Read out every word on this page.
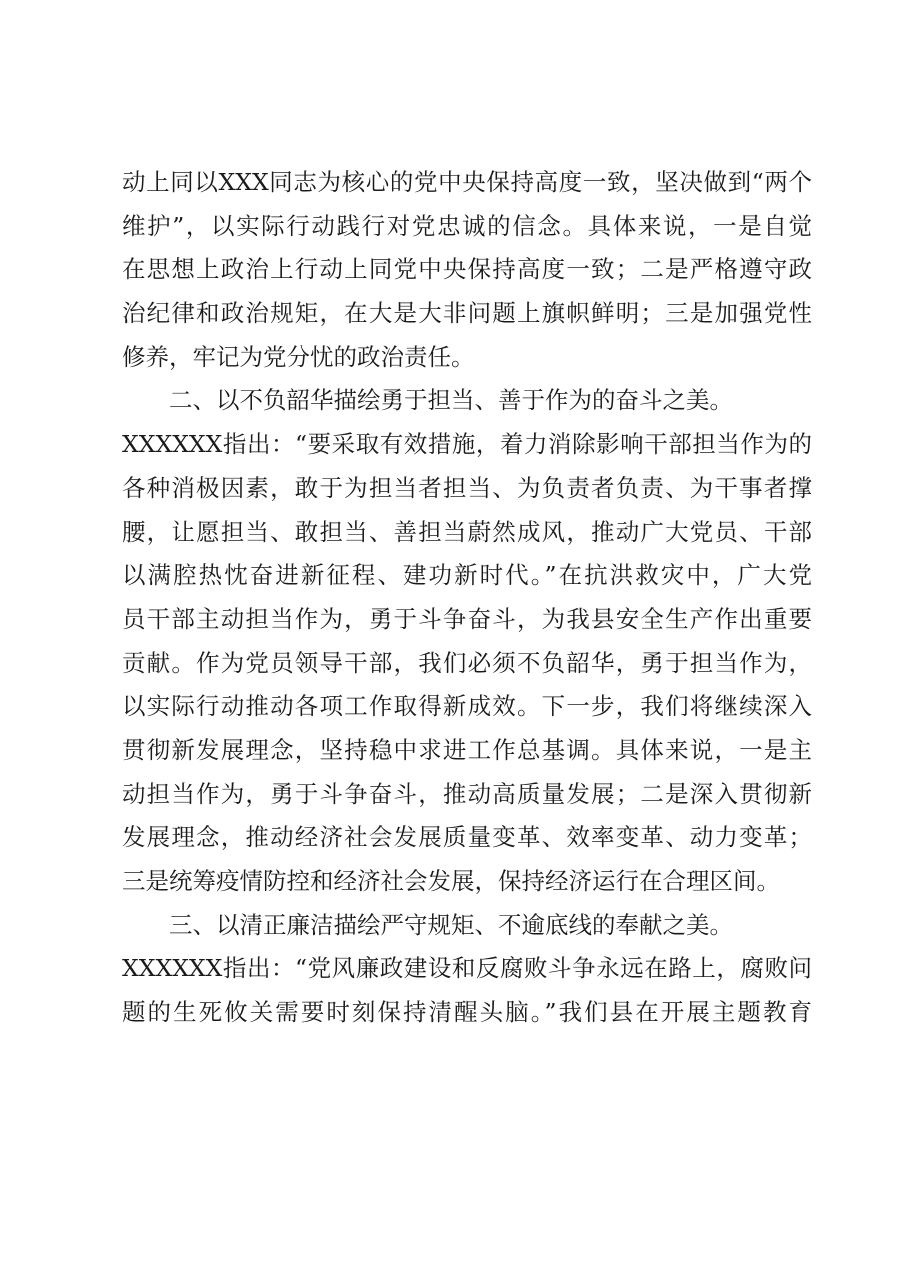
动上同以XXX同志为核心的党中央保持高度一致，坚决做到“两个
维护”，以实际行动践行对党忠诚的信念。具体来说，一是自觉
在思想上政治上行动上同党中央保持高度一致；二是严格遵守政
治纪律和政治规矩，在大是大非问题上旗帜鲜明；三是加强党性
修养，牢记为党分忧的政治责任。
二、以不负韶华描绘勇于担当、善于作为的奋斗之美。
XXXXXX指出：“要采取有效措施，着力消除影响干部担当作为的
各种消极因素，敢于为担当者担当、为负责者负责、为干事者撑
腰，让愿担当、敢担当、善担当蔚然成风，推动广大党员、干部
以满腔热忱奋进新征程、建功新时代。”在抗洪救灾中，广大党
员干部主动担当作为，勇于斗争奋斗，为我县安全生产作出重要
贡献。作为党员领导干部，我们必须不负韶华，勇于担当作为，
以实际行动推动各项工作取得新成效。下一步，我们将继续深入
贯彻新发展理念，坚持稳中求进工作总基调。具体来说，一是主
动担当作为，勇于斗争奋斗，推动高质量发展；二是深入贯彻新
发展理念，推动经济社会发展质量变革、效率变革、动力变革；
三是统筹疫情防控和经济社会发展，保持经济运行在合理区间。
三、以清正廉洁描绘严守规矩、不逾底线的奉献之美。
XXXXXX指出：“党风廉政建设和反腐败斗争永远在路上，腐败问
题的生死攸关需要时刻保持清醒头脑。”我们县在开展主题教育
